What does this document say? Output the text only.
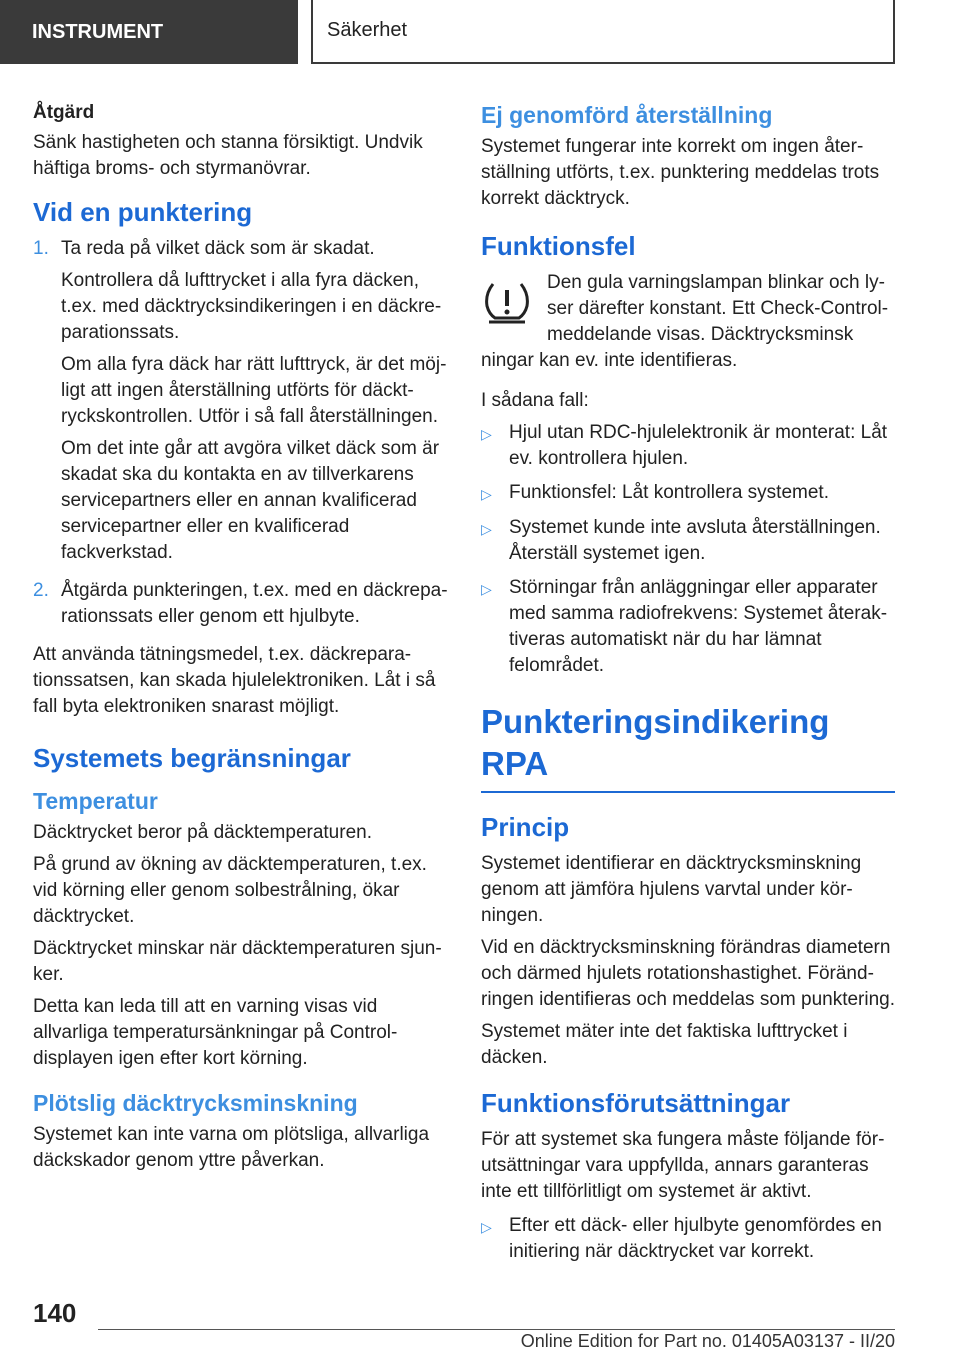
INSTRUMENT	Säkerhet

Åtgärd

Sänk hastigheten och stanna försiktigt. Undvik häftiga broms- och styrmanövrar.

Vid en punktering
1. Ta reda på vilket däck som är skadat.

Kontrollera då lufttrycket i alla fyra däcken, t.ex. med däcktrycksindikeringen i en däckreparationssats.

Om alla fyra däck har rätt lufttryck, är det möjligt att ingen återställning utförts för däcktryckskontrollen. Utför i så fall återställningen.

Om det inte går att avgöra vilket däck som är skadat ska du kontakta en av tillverkarens servicepartners eller en annan kvalificerad servicepartner eller en kvalificerad fackverkstad.

2. Åtgärda punkteringen, t.ex. med en däckreparationssats eller genom ett hjulbyte.

Att använda tätningsmedel, t.ex. däckreparationssatsen, kan skada hjulelektroniken. Låt i så fall byta elektroniken snarast möjligt.

Systemets begränsningar
Temperatur

Däcktrycket beror på däcktemperaturen.

På grund av ökning av däcktemperaturen, t.ex. vid körning eller genom solbestrålning, ökar däcktrycket.

Däcktrycket minskar när däcktemperaturen sjunker.

Detta kan leda till att en varning visas vid allvarliga temperatursänkningar på Control-displayen igen efter kort körning.

Plötslig däcktrycksminskning

Systemet kan inte varna om plötsliga, allvarliga däckskador genom yttre påverkan.

Ej genomförd återställning

Systemet fungerar inte korrekt om ingen återställning utförts, t.ex. punktering meddelas trots korrekt däcktryck.

Funktionsfel

Den gula varningslampan blinkar och lyser därefter konstant. Ett Check-Control-meddelande visas. Däcktrycksminsk

ningar kan ev. inte identifieras.

I sådana fall:

▷ Hjul utan RDC-hjulelektronik är monterat: Låt ev. kontrollera hjulen.
▷ Funktionsfel: Låt kontrollera systemet.
▷ Systemet kunde inte avsluta återställningen. Återställ systemet igen.
▷ Störningar från anläggningar eller apparater med samma radiofrekvens: Systemet återaktiveras automatiskt när du har lämnat felområdet.
Punkteringsindikering RPA
Princip

Systemet identifierar en däcktrycksminskning genom att jämföra hjulens varvtal under körningen.

Vid en däcktrycksminskning förändras diametern och därmed hjulets rotationshastighet. Förändringen identifieras och meddelas som punktering.

Systemet mäter inte det faktiska lufttrycket i däcken.

Funktionsförutsättningar

För att systemet ska fungera måste följande förutsättningar vara uppfyllda, annars garanteras inte ett tillförlitligt om systemet är aktivt.

▷ Efter ett däck- eller hjulbyte genomfördes en initiering när däcktrycket var korrekt.
140
Online Edition for Part no. 01405A03137 - II/20
